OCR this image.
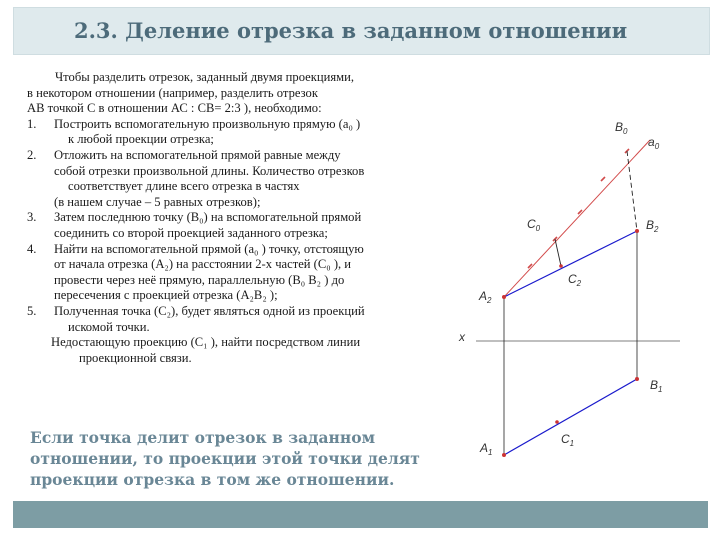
2.3. Деление отрезка в заданном отношении

Чтобы разделить отрезок, заданный двумя проекциями,

в некотором отношении (например, разделить отрезок

АВ точкой С в отношении АС : СВ= 2:3 ), необходимо:

1.	Построить вспомогательную произвольную прямую (а₀ )
к любой проекции отрезка;
2.	Отложить на вспомогательной прямой равные между
собой отрезки произвольной длины. Количество отрезков
соответствует длине всего отрезка в частях
(в нашем случае – 5 равных отрезков);
3.	Затем последнюю точку (В₀) на вспомогательной прямой
соединить со второй проекцией заданного отрезка;
4.	Найти на вспомогательной прямой (а₀ ) точку, отстоящую
от начала отрезка (А₂) на расстоянии 2-х частей (С₀ ), и
провести через неё прямую, параллельную (В₀ В₂ ) до
пересечения с проекцией отрезка (А₂В₂ );
5.	Полученная точка (С₂), будет являться одной из проекций
искомой точки.

Недостающую проекцию (С₁ ), найти посредством линии

проекционной связи.

Если точка делит отрезок в заданном
отношении, то проекции этой точки делят
проекции отрезка в том же отношении.
$B_0$
$a_0$
$C_0$
$C_2$
$B_2$
$A_2$
x
$B_1$
$C_1$
$A_1$
